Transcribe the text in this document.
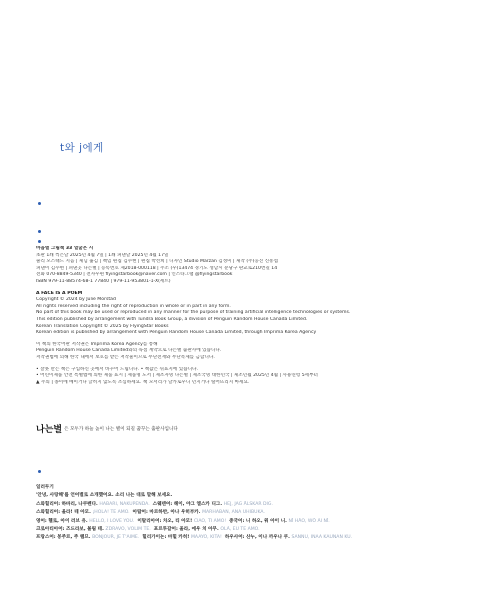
t와 j에게
마음별 그림책 33 얼굴은 시
초판 1쇄 찍은날 2025년 4월 7일 | 1쇄 펴낸날 2025년 4월 17일
줄리 모스태드 지음 | 제님 옮김 | 책임 편집 김수현 | 편집 박선희 | 디자인 Studio Marzan 김성미 | 제작 (주)웅진 신흥섭
펴낸이 김수현 | 펴낸곳 나는별 | 등록번호 제2018-000118 | 주소 (우)13474 경기도 성남시 분당구 판교로210번길 14
전화 070-8849-5340 | 전자우편 flyingstarbook@naver.com | 인스타그램 @flyingstarbook
ISBN 979-11-88574-68-1 77840 | 979-11-953801-1-X(세트)
A FACE IS A POEM
Copyright © 2024 by Julie Morstad
All rights reserved including the right of reproduction in whole or in part in any form.
No part of this book may be used or reproduced in any manner for the purpose of training artificial intelligence technologies or systems.
This edition published by arrangement with Tundra Book Group, a division of Penguin Random House Canada Limited.
Korean Translation Copyright © 2025 by FlyingStar Books
Korean edition is published by arrangement with Penguin Random House Canada Limited, through Imprima Korea Agency
이 책의 한국어판 저작권은 Imprima Korea Agency를 통해
Penguin Random House Canada Limited와의 독점 계약으로 나는별 출판사에 있습니다.
저작권법에 의해 한국 내에서 보호를 받는 저작물이므로 무단전재와 무단복제를 금합니다.
• 잘못 만든 책은 구입하신 곳에서 바꾸어 드립니다. • 책값은 뒤표지에 있습니다.
• 어린이제품 안전 특별법에 의한 제품 표시 | 제품명 도서 | 제조자명 나는별 | 제조국명 대한민국 | 제조년월 2025년 4월 | 사용연령 5세부터
▲ 주의 | 종이에 베이거나 긁히지 않도록 조심하세요. 책 모서리가 날카로우니 던지거나 떨어뜨리지 마세요.
나는별 은 모두가 하늘 높이 나는 별이 되길 꿈꾸는 출판사입니다
일러두기
'안녕, 사랑해'를 언어별로 소개했어요. 소리 나는 대로 말해 보세요.
스와힐리어: 하바리, 나쿠펜다. HABARI, NAKUPENDA. 스웨덴어: 헤이, 야그 엘스카 디그. HEJ, JAG ÄLSKAR DIG.
스와힐리어: 올라! 테 아모. ¡HOLA! TE AMO. 아랍어: 마르하반, 아나 우히부카. MARHABAN, ANA UHIBUKA.
영어: 헬로, 아이 러브 유. HELLO, I LOVE YOU. 이탈리아어: 차오, 티 아모! CIAO, TI AMO! 중국어: 니 하오, 워 아이 니. NǏ HǍO, WǑ ÀI NǏ.
크로아티아어: 즈드라보, 볼림 테. ZDRAVO, VOLIM TE. 포르투갈어: 올라, 에우 치 아무. OLÁ, EU TE AMO.
프랑스어: 봉주르, 주 뗌므. BONJOUR, JE T'AIME. 힐리가이논: 마힐 카히! MAAYO, KITA! 하우사어: 산누, 이나 까우나 쿠. SANNU, INAA KAUNAN KU.
